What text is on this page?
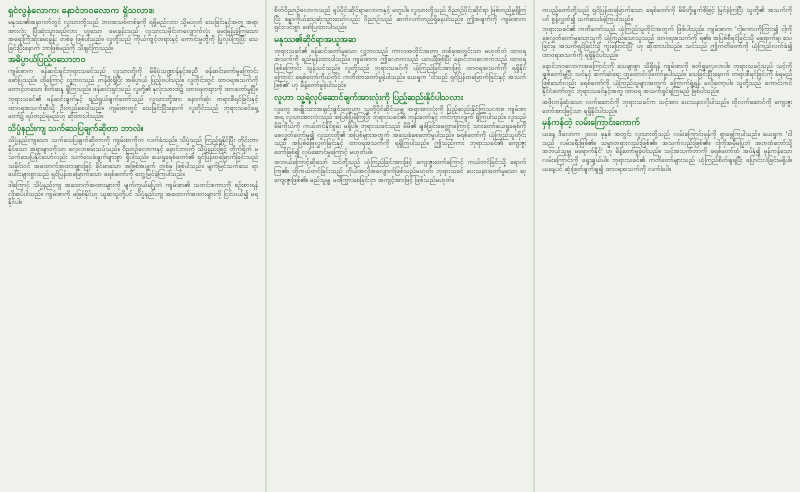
ရှင်လွန်လောက၊ နောင်ဘဝလောက ရှိသလား။
မနုဿ၏အနာဂတ်တွင် လူသားတို့သည် ဘဝအသစ်တစ်ခုကို ရရှိမည်လား၊ သို့မဟုတ် သေခြင်းနှင့်အတူ အရာအားလုံး ပြီးဆုံးသွားမည်လား ဟူသော မေးခွန်းသည် လူသားသမိုင်းတလျှောက်လုံး မေးမြန်းခဲ့ကြသော အရေးကြီးဆုံးမေးခွန်း တစ်ခု ဖြစ်ပါသည်။ လူတို့သည် ကိုယ်ကျင့်တရားနှင့် ကောင်းမှုတို့ကို ပြုလုပ်ကြပြီး သေခြင်းပြီးနောက် ဘာဖြစ်မည်ကို သိချင်ကြသည်။
အဓိပ္ပာယ်ပြည့်ဝသောဘဝ
ကျမ်းစာက ဖန်ဆင်းရှင်ဘုရားသခင်သည် လူသားတို့ကို မိမိပုံသဏ္ဍာန်နှင့်အညီ ဖန်ဆင်းတော်မူကြောင်း ဖော်ပြသည်။ ထိုကြောင့် လူ့ဘဝသည် တန်ဖိုးရှိပြီး အဓိပ္ပာယ် ပြည့်ဝပါသည်။ လူတိုင်းတွင် ထာဝရအသက်ကို တောင့်တသော စိတ်ဆန္ဒ ရှိကြသည်။ ဖန်ဆင်းရှင်သည် လူတို့၏ နှလုံးသားထဲ၌ ထာဝရတရားကို ထားတော်မူပြီ။
ဘုရားသခင်၏ ဖန်ဆင်းချက်နှင့် ရည်ရွယ်ချက်တော်သည် လူသားတို့အား နောက်ဆုံး တရားစီရင်ခြင်းနှင့် ထာဝရအသက်ဆီသို့ ဦးတည်စေပါသည်။ ကျမ်းစာတွင် သေခြင်းပြီးနောက် လူတိုင်းသည် ဘုရားသခင်ရှေ့တော်၌ ရပ်တည်ရမည်ဟု ဆိုထားပါသည်။
သိပ္ပံနည်းကျ သက်သေပြချက်ဆိုတာ ဘာလဲ။
သိပ္ပံနည်းကျသော သက်သေပြချက်ဆိုတာကို ကျမ်းစာကိုက လက်ခံသည်။ သိပ္ပံသည် ကြည့်ရှုနိုင်ပြီး တိုင်းတာနိုင်သော အရာများကိုသာ လေ့လာစမ်းသပ်သည်။ ဝိညာဉ်လောကနှင့် နောင်ဘဝကို သိပ္ပံနည်းဖြင့် တိုက်ရိုက် မသက်သေပြနိုင်သော်လည်း သက်သေခံချက်များစွာ ရှိပါသည်။ ယေရှုခရစ်တော်၏ ရှင်ပြန်ထမြောက်ခြင်းသည် သမိုင်းဝင် အထောက်အထားများဖြင့် ခိုင်မာသော အဖြစ်အပျက် တစ်ခု ဖြစ်ပါသည်။ မျက်မြင်သက်သေ ရာပေါင်းများစွာသည် ရှင်ပြန်ထမြောက်သော ခရစ်တော်ကို တွေ့မြင်ခဲ့ကြပါသည်။
ဒါကြောင့် သိပ္ပံနည်းကျ အထောက်အထားများကို မျက်ကွယ်မပြုဘဲ ကျမ်းစာ၏ သတင်းစကားကို စဉ်းစားရန် လိုအပ်ပါသည်။ ကျမ်းစာကို မဖြစ်နိုင်ဟု ယူဆသူတို့ပင် သိပ္ပံနည်းကျ အထောက်အထားများကို ငြင်းပယ်၍ မရနိုင်ပါ။
စိတ်ဝိညာဉ်လောကသည် ရုပ်ပိုင်းဆိုင်ရာလောကနှင့် မတူပါ။ လူသားတို့သည် ဝိညာဉ်ပိုင်းဆိုင်ရာ ဖြစ်တည်မှုရှိကြပြီး ခန္ဓာကိုယ်သေဆုံးသွားသော်လည်း ဝိညာဉ်သည် ဆက်လက်တည်ရှိနေပါသည်။ ဤအချက်ကို ကျမ်းစာက ရှင်းလင်းစွာ ဖော်ပြထားပါသည်။
မနုဿ၏ဆိုင်ရာအယူအဆ
ဘုရားသခင်၏ ဖန်ဆင်းတော်မူသော လူ့ဘဝသည် ကာလအတိုင်းအတာ တစ်ခုအတွင်းသာ မဟုတ်ဘဲ ထာဝရအသက်ကို ရည်မှန်းထားပါသည်။ ကျမ်းစာက ဤလောကသည် ယာယီဖြစ်ပြီး နောင်ဘဝလောကသည် ထာဝရ ဖြစ်ကြောင်း သွန်သင်သည်။ လူတို့သည် ဘုရားသခင်ကို ယုံကြည်ခြင်းအားဖြင့် ထာဝရအသက်ကို ရရှိနိုင်ကြောင်း ခရစ်တော်ကိုယ်တိုင် ကတိထားတော်မူခဲ့ပါသည်။ ယေရှုက 'ငါသည် ရှင်ပြန်ထမြောက်ခြင်းနှင့် အသက်ဖြစ်၏' ဟု မိန့်တော်မူခဲ့ပါသည်။
လူဟာ သူ့ရဲ့လုပ်ဆောင်ချက်အားလုံးကို ပြည့်ဆည်းနိုင်ပါသလား
လူတွေ အမျိုးသားအချင်းချင်းတွေဟာ သူတို့ပိုင်ဆိုင်သမျှ အရာအားလုံးကို ပြည့်ဆည်းနိုင်ကြသလား။ ကျမ်းစာအရ လူသားအားလုံးသည် အပြစ်ပြုမိကြပြီး ဘုရားသခင်၏ ဘုန်းတော်နှင့် ကင်းကွာလျက် ရှိကြပါသည်။ လူသည် မိမိကိုယ်ကို ကယ်တင်နိုင်စွမ်း မရှိပါ။ ဘုရားသခင်သည် မိမိ၏ ချစ်ခြင်းမေတ္တာကြောင့် သားတော်ယေရှုခရစ်ကို စေလွှတ်တော်မူ၍ လူသားတို့၏ အပြစ်များအတွက် အသေခံစေတော်မူပါသည်။ ခရစ်တော်ကို ယုံကြည်သူတိုင်းသည် အပြစ်ဖြေလွှတ်ခြင်းနှင့် ထာဝရအသက်ကို ရရှိကြပါသည်။ ဤသည်ကား ဘုရားသခင်၏ ကျေးဇူးတော်ဖြစ်၍ လုပ်ဆောင်မှုကြောင့် မဟုတ်ပါ။
အဘယ်ကြောင့်ဆိုသော် သင်တို့သည် ယုံကြည်ခြင်းအားဖြင့် ကျေးဇူးတော်ကြောင့် ကယ်တင်ခြင်းသို့ ရောက်ကြ၏။ ထိုကယ်တင်ခြင်းသည် ကိုယ်အလိုအလျောက်ဖြစ်သည်မဟုတ်၊ ဘုရားသခင် ပေးသနားတော်မူသော ဆုကျေးဇူးဖြစ်၏။ မည်သူမျှ မဝါကြွားစေခြင်းငှာ အကျင့်အားဖြင့် ဖြစ်သည်မဟုတ်။
တပည့်တော်တို့သည် ရှင်ပြန်ထမြောက်သော ခရစ်တော်ကို မိမိတို့မျက်စိဖြင့် မြင်ခဲ့ကြပြီး သူတို့၏ အသက်ကိုပင် စွန့်လွှတ်၍ သက်သေခံခဲ့ကြပါသည်။
ဘုရားသခင်၏ ကတိတော်သည် ယုံကြည်သူတိုင်းအတွက် ဖြစ်ပါသည်။ ကျမ်းစာက 'ငါ့စကားကိုကြား၍ ငါ့ကိုစေလွှတ်တော်မူသောသူကို ယုံကြည်သောသူသည် ထာဝရအသက်ကို ရ၏။ အပြစ်စီရင်ခြင်းသို့ မရောက်ရ၊ သေခြင်းမှ အသက်ရှင်ခြင်းသို့ ကူးပြောင်းပြီ' ဟု ဆိုထားပါသည်။ သင်သည် ဤကတိတော်ကို ယုံကြည်လက်ခံ၍ ထာဝရအသက်ကို ရရှိနိုင်ပါသည်။
နောင်ဘဝလောကအကြောင်းကို သေချာစွာ သိရှိရန် ကျမ်းစာကို ဖတ်ရှုလေ့လာပါ။ ဘုရားသခင်သည် သင့်ကို ချစ်တော်မူပြီး သင်နှင့် ဆက်ဆံရေး ထူထောင်လိုတော်မူပါသည်။ သေခြင်းပြီးနောက် တရားစီရင်ခြင်းကို ခံရမည်ဖြစ်သော်လည်း ခရစ်တော်ကို ယုံကြည်သူများအတွက် ကြောက်ရွံ့ရန် မလိုတော့ပါ။ သူတို့သည် ကောင်းကင်နိုင်ငံတော်တွင် ဘုရားသခင်နှင့်အတူ ထာဝရ အသက်ရှင်ရကြမည် ဖြစ်ပါသည်။
အဖိုးတန်ဆုံးသော လက်ဆောင်ကို ဘုရားသခင်က သင့်အား ပေးသနားလိုပါသည်။ ထိုလက်ဆောင်ကို ကျေးဇူးတော်အားဖြင့်သာ ရရှိနိုင်ပါသည်။
မှန်ကန်တဲ့ လမ်းကြောင်းကောက်
ယနေ့ ဒီလောက ၂၀၀၀ ခုနှစ် အတွင်း လူသားတို့သည် လမ်းကြောင်းမှန်ကို ရှာဖွေကြပါသည်။ ယေရှုက 'ငါသည် လမ်းခရီးဖြစ်၏။ သမ္မာတရားလည်းဖြစ်၏။ အသက်လည်းဖြစ်၏။ ငါ့ကိုအမှီမပြုဘဲ အဘထံတော်သို့ အဘယ်သူမျှ မရောက်နိုင်' ဟု မိန့်တော်မူခဲ့ပါသည်။ သင့်အသက်တာကို ခရစ်တော်ထံ အပ်နှံ၍ မှန်ကန်သော လမ်းကြောင်းကို ရွေးချယ်ပါ။ ဘုရားသခင်၏ ကတိတော်များသည် ယုံကြည်စိတ်ချရပြီး ပြောင်းလဲခြင်းမရှိပါ။ ယနေ့ပင် ဆုံးဖြတ်ချက်ချ၍ ထာဝရအသက်ကို လက်ခံပါ။
